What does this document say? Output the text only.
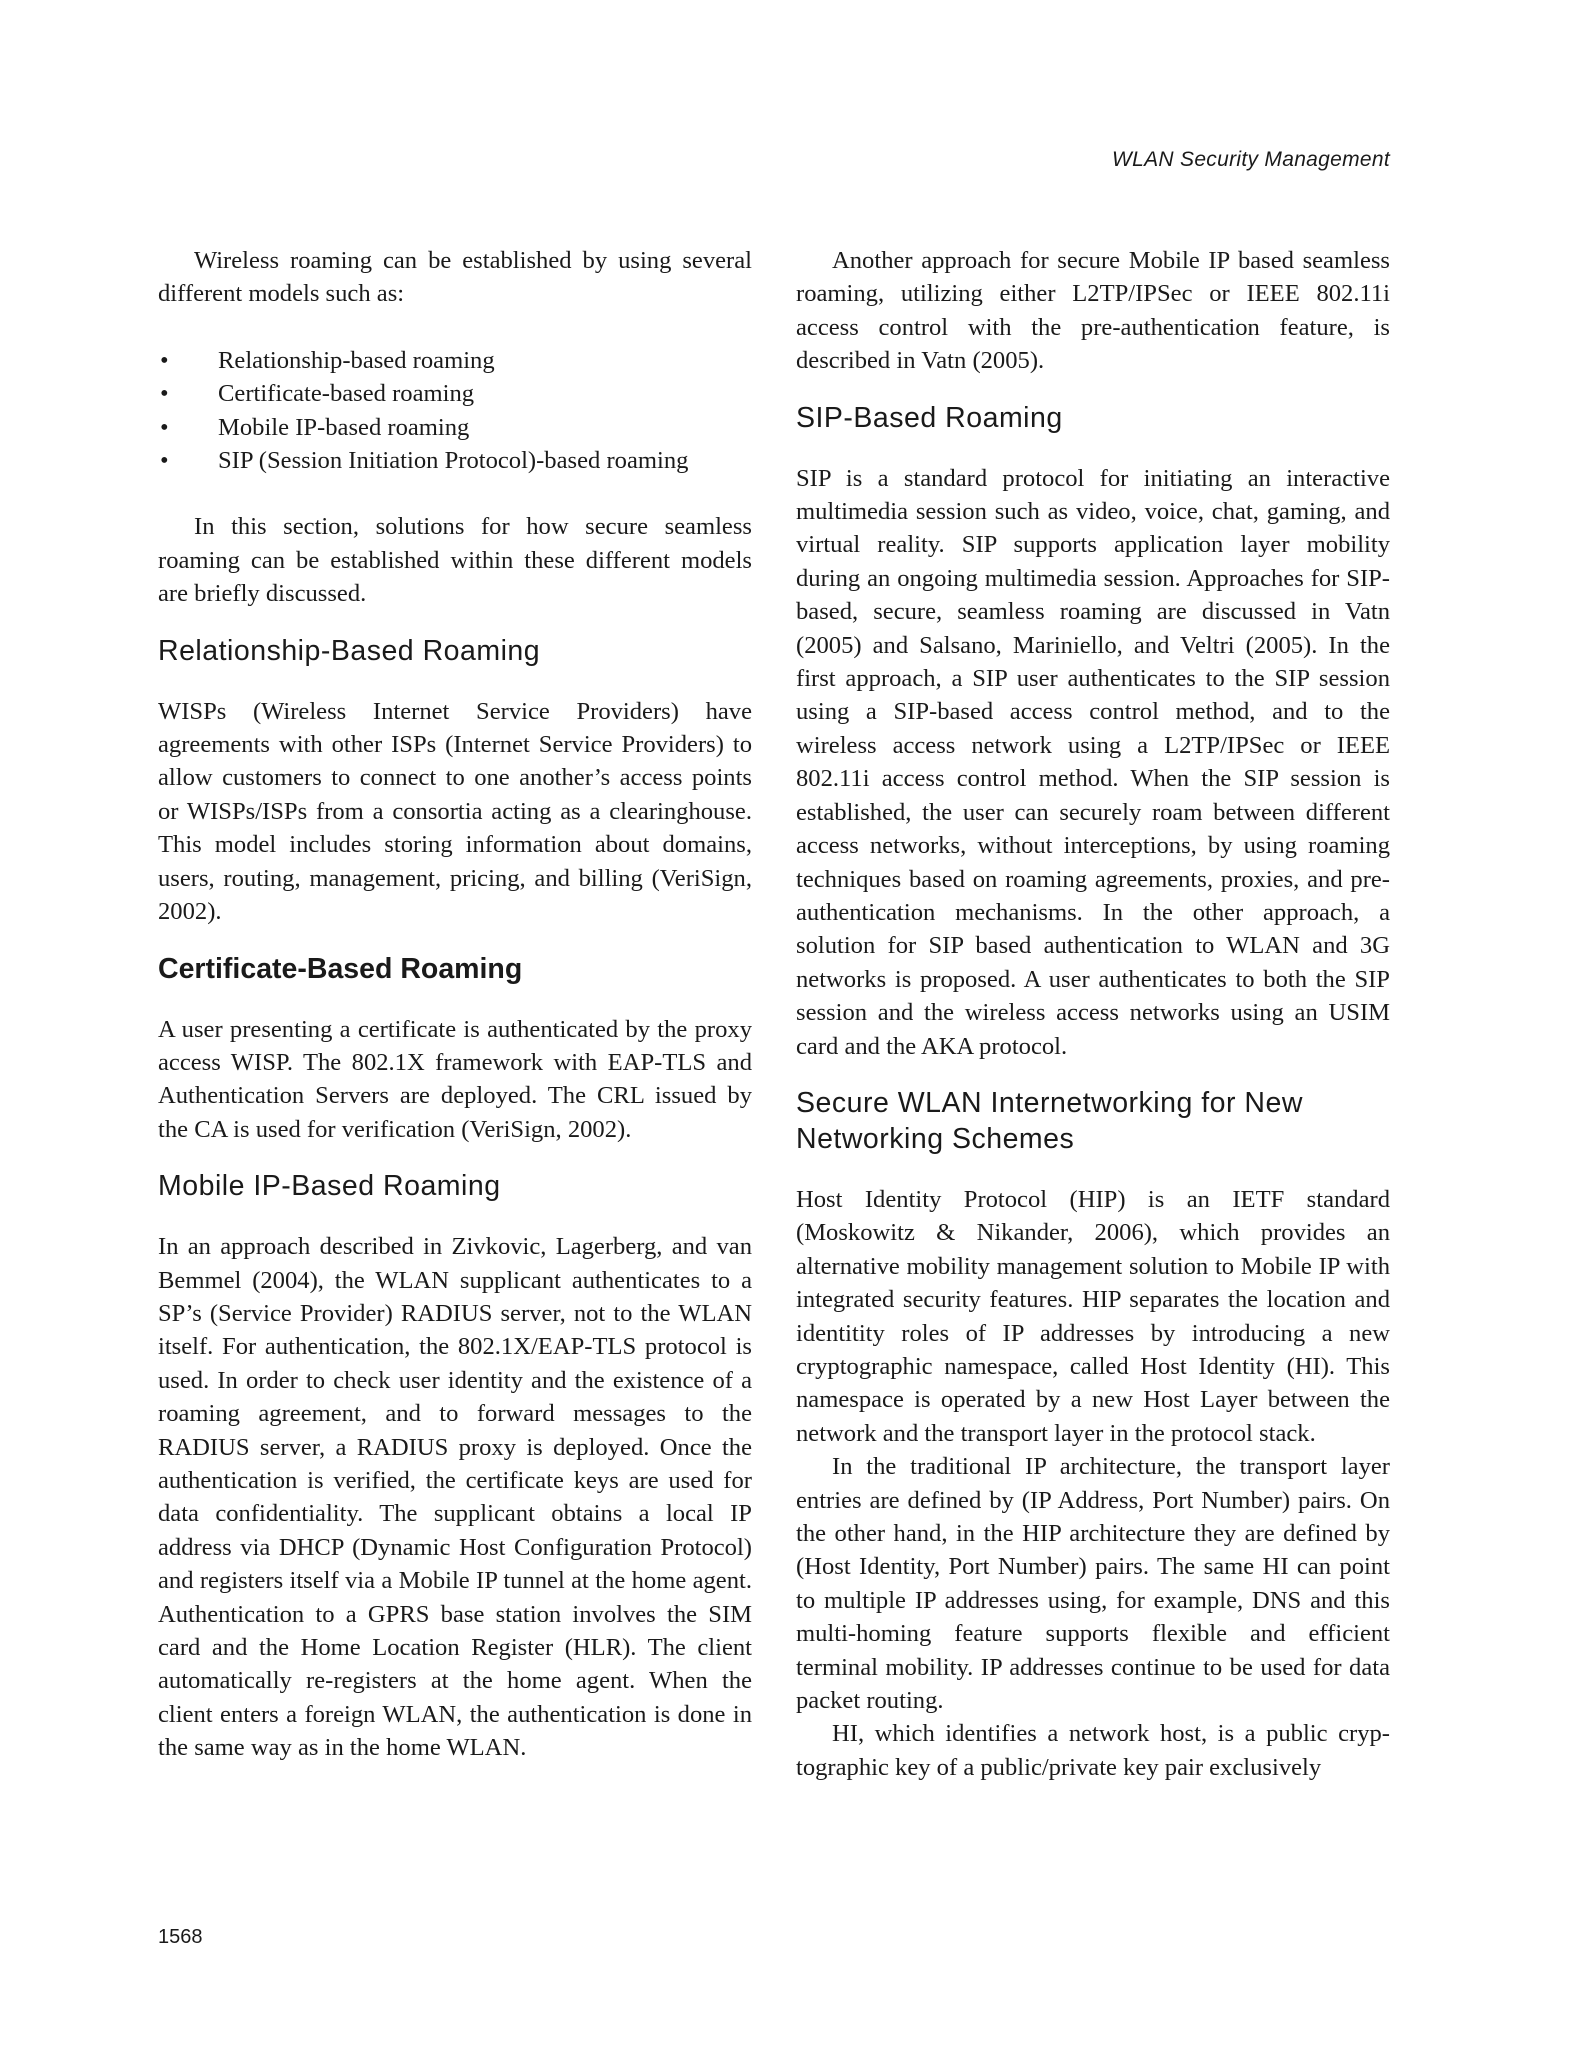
WLAN Security Management

Wireless roaming can be established by using several different models such as:

• Relationship-based roaming
• Certificate-based roaming
• Mobile IP-based roaming
• SIP (Session Initiation Protocol)-based roaming

In this section, solutions for how secure seamless roaming can be established within these different models are briefly discussed.

Relationship-Based Roaming

WISPs (Wireless Internet Service Providers) have agreements with other ISPs (Internet Service Providers) to allow customers to connect to one another’s access points or WISPs/ISPs from a consortia acting as a clearinghouse. This model includes storing information about domains, users, routing, management, pricing, and billing (VeriSign, 2002).

Certificate-Based Roaming

A user presenting a certificate is authenticated by the proxy access WISP. The 802.1X framework with EAP-TLS and Authentication Servers are deployed. The CRL issued by the CA is used for verification (VeriSign, 2002).

Mobile IP-Based Roaming

In an approach described in Zivkovic, Lagerberg, and van Bemmel (2004), the WLAN supplicant authenticates to a SP’s (Service Provider) RADIUS server, not to the WLAN itself. For authentication, the 802.1X/EAP-TLS protocol is used. In order to check user identity and the existence of a roaming agreement, and to forward messages to the RADIUS server, a RADIUS proxy is deployed. Once the authentication is verified, the certificate keys are used for data confidentiality. The supplicant obtains a local IP address via DHCP (Dynamic Host Configuration Protocol) and registers itself via a Mobile IP tunnel at the home agent. Authentication to a GPRS base station involves the SIM card and the Home Location Register (HLR). The client automatically re-registers at the home agent. When the client enters a foreign WLAN, the authentication is done in the same way as in the home WLAN.

Another approach for secure Mobile IP based seamless roaming, utilizing either L2TP/IPSec or IEEE 802.11i access control with the pre-authentication feature, is described in Vatn (2005).

SIP-Based Roaming

SIP is a standard protocol for initiating an interactive multimedia session such as video, voice, chat, gaming, and virtual reality. SIP supports application layer mobility during an ongoing multimedia session. Approaches for SIP-based, secure, seamless roaming are discussed in Vatn (2005) and Salsano, Mariniello, and Veltri (2005). In the first approach, a SIP user authenticates to the SIP session using a SIP-based access control method, and to the wireless access network using a L2TP/IPSec or IEEE 802.11i access control method. When the SIP session is established, the user can securely roam between different access networks, without interceptions, by using roaming techniques based on roaming agreements, proxies, and pre-authentication mechanisms. In the other approach, a solution for SIP based authentication to WLAN and 3G networks is proposed. A user authenticates to both the SIP session and the wireless access networks using an USIM card and the AKA protocol.

Secure WLAN Internetworking for New Networking Schemes

Host Identity Protocol (HIP) is an IETF standard (Moskowitz & Nikander, 2006), which provides an alternative mobility management solution to Mobile IP with integrated security features. HIP separates the location and identitity roles of IP addresses by introducing a new cryptographic namespace, called Host Identity (HI). This namespace is operated by a new Host Layer between the network and the transport layer in the protocol stack.

In the traditional IP architecture, the transport layer entries are defined by (IP Address, Port Number) pairs. On the other hand, in the HIP architecture they are defined by (Host Identity, Port Number) pairs. The same HI can point to multiple IP addresses using, for example, DNS and this multi-homing feature supports flexible and efficient terminal mobility. IP addresses continue to be used for data packet routing.

HI, which identifies a network host, is a public cryptographic key of a public/private key pair exclusively

1568
